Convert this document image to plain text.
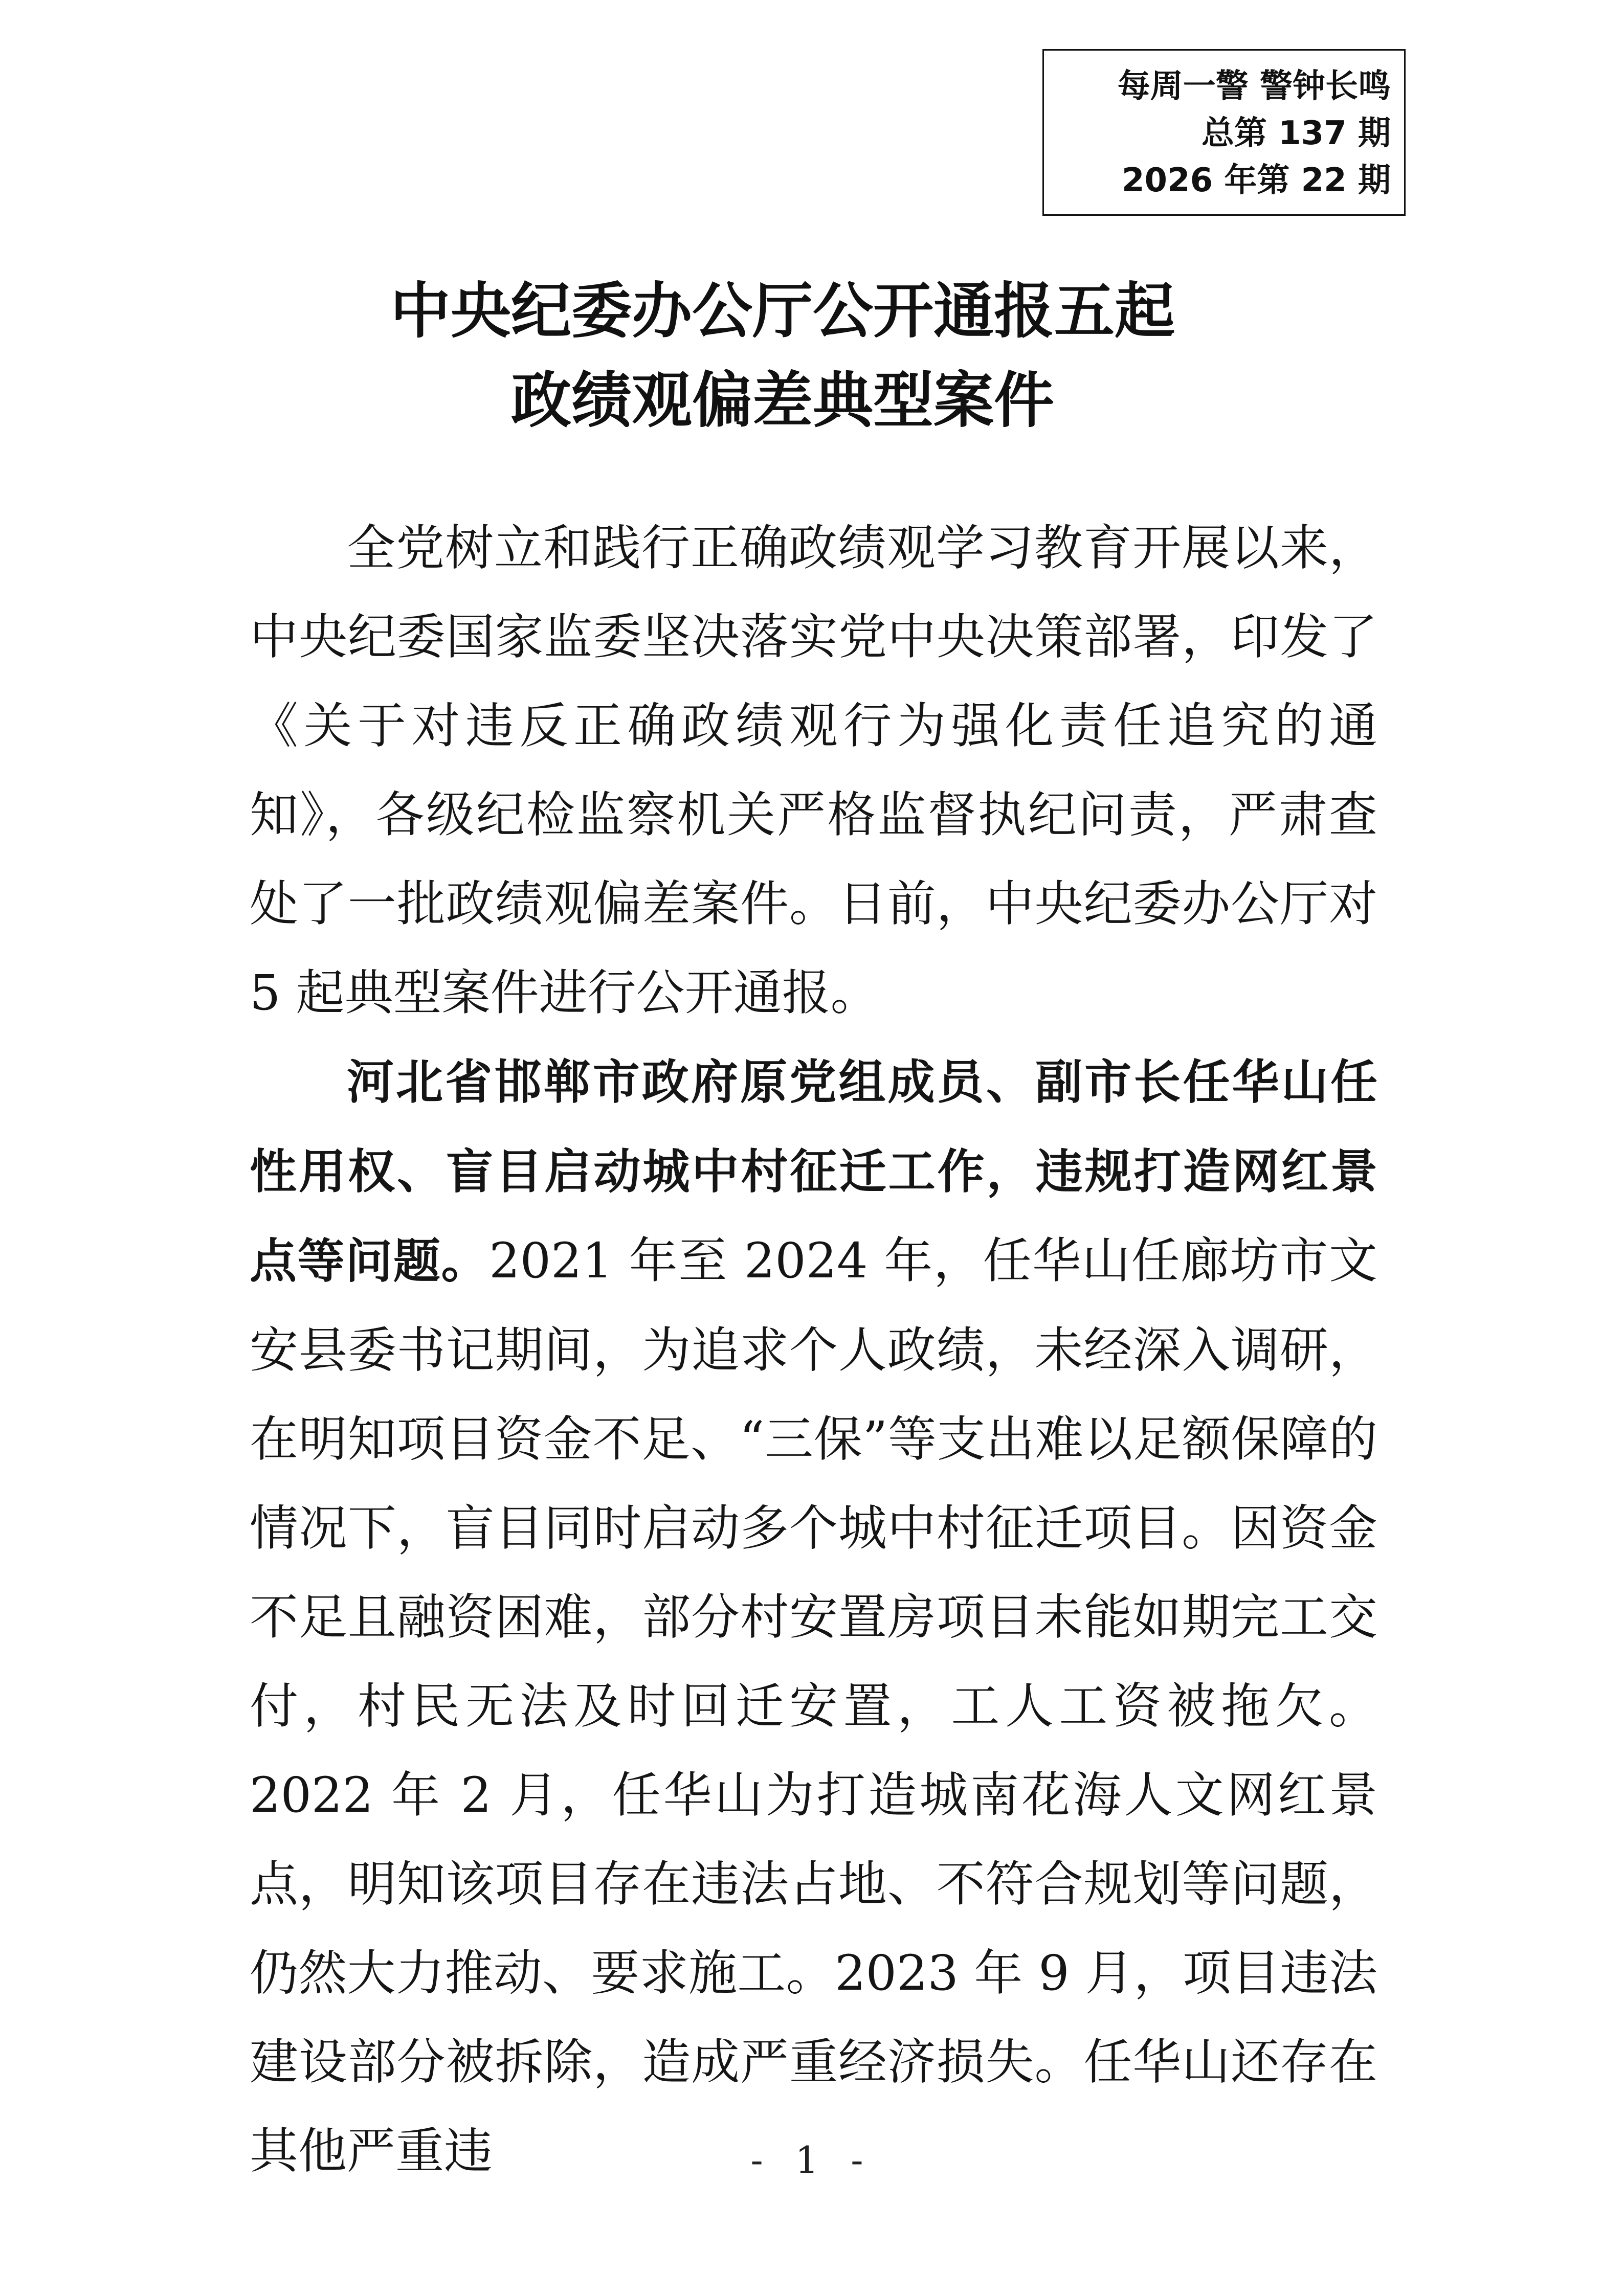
每周一警 警钟长鸣
总第 137 期
2026 年第 22 期
中央纪委办公厅公开通报五起
政绩观偏差典型案件

全党树立和践行正确政绩观学习教育开展以来，中央纪委国家监委坚决落实党中央决策部署，印发了《关于对违反正确政绩观行为强化责任追究的通知》，各级纪检监察机关严格监督执纪问责，严肃查处了一批政绩观偏差案件。日前，中央纪委办公厅对 5 起典型案件进行公开通报。

河北省邯郸市政府原党组成员、副市长任华山任性用权、盲目启动城中村征迁工作，违规打造网红景点等问题。2021 年至 2024 年，任华山任廊坊市文安县委书记期间，为追求个人政绩，未经深入调研，在明知项目资金不足、“三保”等支出难以足额保障的情况下，盲目同时启动多个城中村征迁项目。因资金不足且融资困难，部分村安置房项目未能如期完工交付，村民无法及时回迁安置，工人工资被拖欠。2022 年 2 月，任华山为打造城南花海人文网红景点，明知该项目存在违法占地、不符合规划等问题，仍然大力推动、要求施工。2023 年 9 月，项目违法建设部分被拆除，造成严重经济损失。任华山还存在其他严重违	- 1 -
